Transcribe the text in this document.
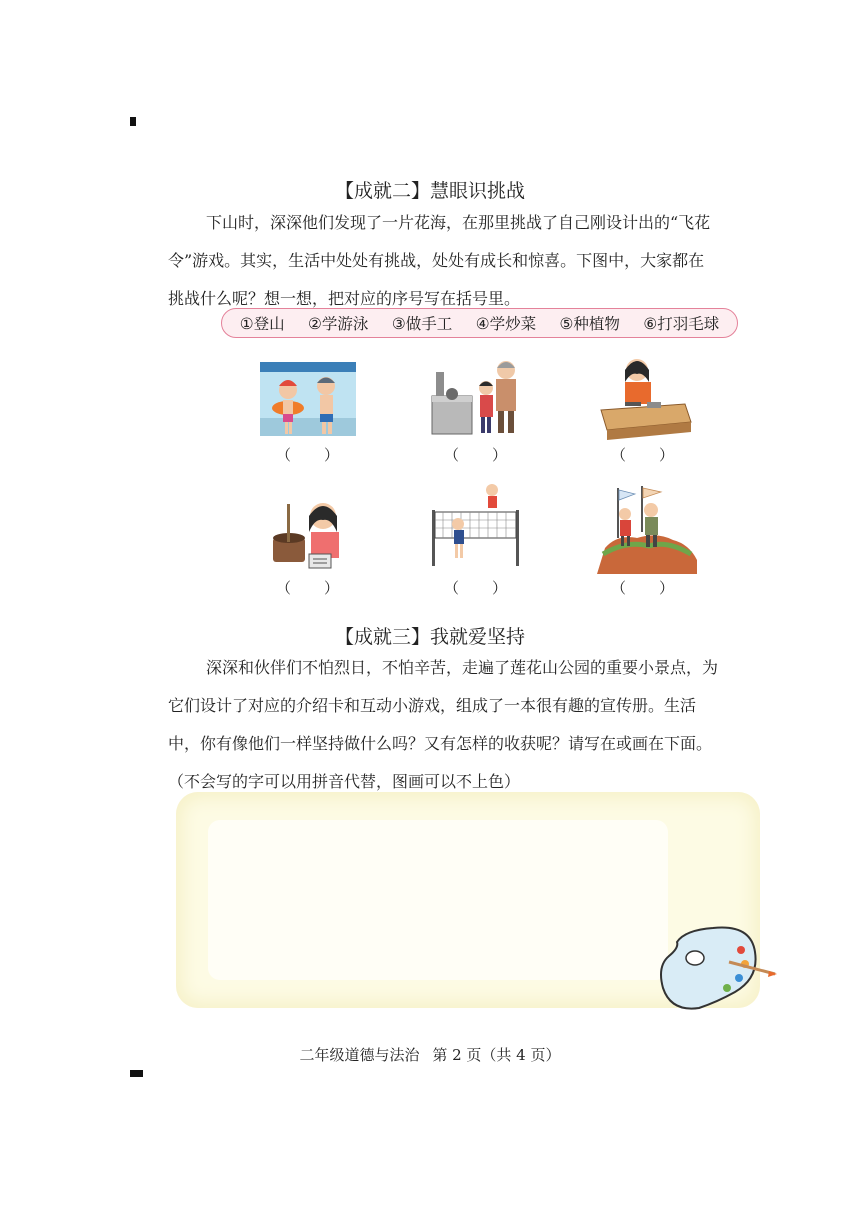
【成就二】慧眼识挑战

下山时，深深他们发现了一片花海，在那里挑战了自己刚设计出的“飞花
令”游戏。其实，生活中处处有挑战，处处有成长和惊喜。下图中，大家都在
挑战什么呢？想一想，把对应的序号写在括号里。

①登山 ②学游泳 ③做手工 ④学炒菜 ⑤种植物 ⑥打羽毛球
（　　）	（　　）	（　　）
（　　）	（　　）	（　　）
【成就三】我就爱坚持

深深和伙伴们不怕烈日，不怕辛苦，走遍了莲花山公园的重要小景点，为
它们设计了对应的介绍卡和互动小游戏，组成了一本很有趣的宣传册。生活
中，你有像他们一样坚持做什么吗？又有怎样的收获呢？请写在或画在下面。
（不会写的字可以用拼音代替，图画可以不上色）

二年级道德与法治 第 2 页（共 4 页）
